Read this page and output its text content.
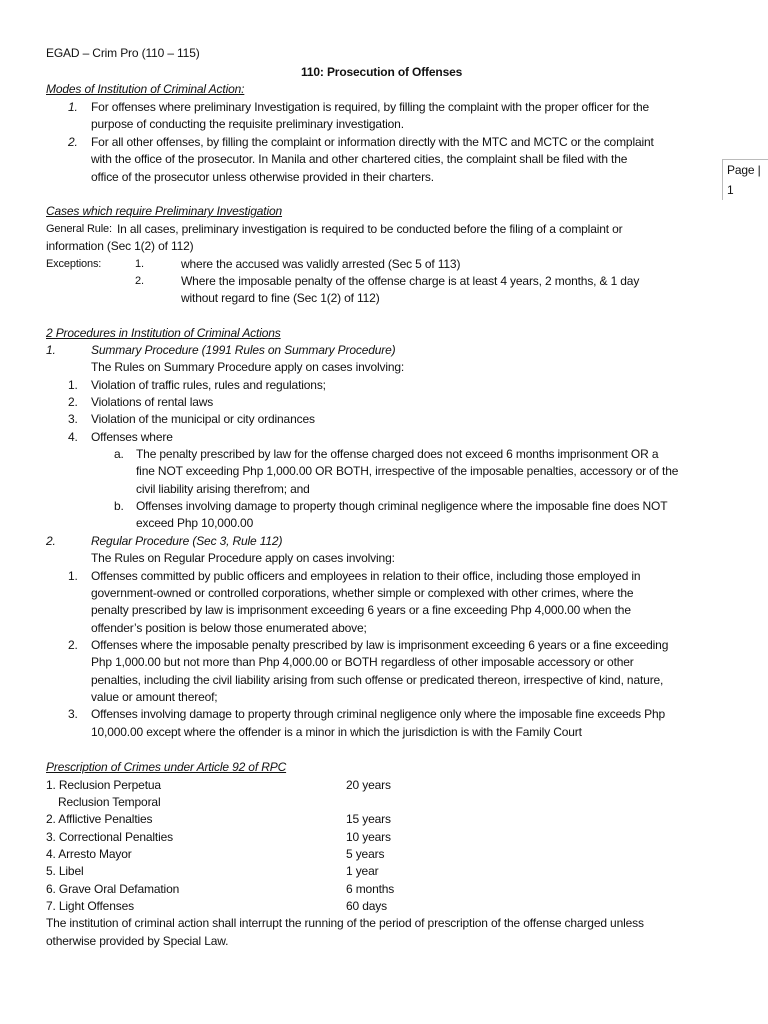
EGAD – Crim Pro (110 – 115)
110: Prosecution of Offenses
Page |
1
Modes of Institution of Criminal Action:
1. For offenses where preliminary Investigation is required, by filling the complaint with the proper officer for the
purpose of conducting the requisite preliminary investigation.
2. For all other offenses, by filling the complaint or information directly with the MTC and MCTC or the complaint
with the office of the prosecutor. In Manila and other chartered cities, the complaint shall be filed with the
office of the prosecutor unless otherwise provided in their charters.
Cases which require Preliminary Investigation
General Rule: In all cases, preliminary investigation is required to be conducted before the filing of a complaint or
information (Sec 1(2) of 112)
Exceptions:	1.	where the accused was validly arrested (Sec 5 of 113)
2.	Where the imposable penalty of the offense charge is at least 4 years, 2 months, & 1 day
without regard to fine (Sec 1(2) of 112)
2 Procedures in Institution of Criminal Actions
1.	Summary Procedure (1991 Rules on Summary Procedure)
The Rules on Summary Procedure apply on cases involving:
1. Violation of traffic rules, rules and regulations;
2. Violations of rental laws
3. Violation of the municipal or city ordinances
4. Offenses where
a. The penalty prescribed by law for the offense charged does not exceed 6 months imprisonment OR a
fine NOT exceeding Php 1,000.00 OR BOTH, irrespective of the imposable penalties, accessory or of the
civil liability arising therefrom; and
b. Offenses involving damage to property though criminal negligence where the imposable fine does NOT
exceed Php 10,000.00
2.	Regular Procedure (Sec 3, Rule 112)
The Rules on Regular Procedure apply on cases involving:
1. Offenses committed by public officers and employees in relation to their office, including those employed in
government-owned or controlled corporations, whether simple or complexed with other crimes, where the
penalty prescribed by law is imprisonment exceeding 6 years or a fine exceeding Php 4,000.00 when the
offender’s position is below those enumerated above;
2. Offenses where the imposable penalty prescribed by law is imprisonment exceeding 6 years or a fine exceeding
Php 1,000.00 but not more than Php 4,000.00 or BOTH regardless of other imposable accessory or other
penalties, including the civil liability arising from such offense or predicated thereon, irrespective of kind, nature,
value or amount thereof;
3. Offenses involving damage to property through criminal negligence only where the imposable fine exceeds Php
10,000.00 except where the offender is a minor in which the jurisdiction is with the Family Court
Prescription of Crimes under Article 92 of RPC
1. Reclusion Perpetua	20 years
Reclusion Temporal
2. Afflictive Penalties	15 years
3. Correctional Penalties	10 years
4. Arresto Mayor	5 years
5. Libel	1 year
6. Grave Oral Defamation	6 months
7. Light Offenses	60 days
The institution of criminal action shall interrupt the running of the period of prescription of the offense charged unless
otherwise provided by Special Law.
